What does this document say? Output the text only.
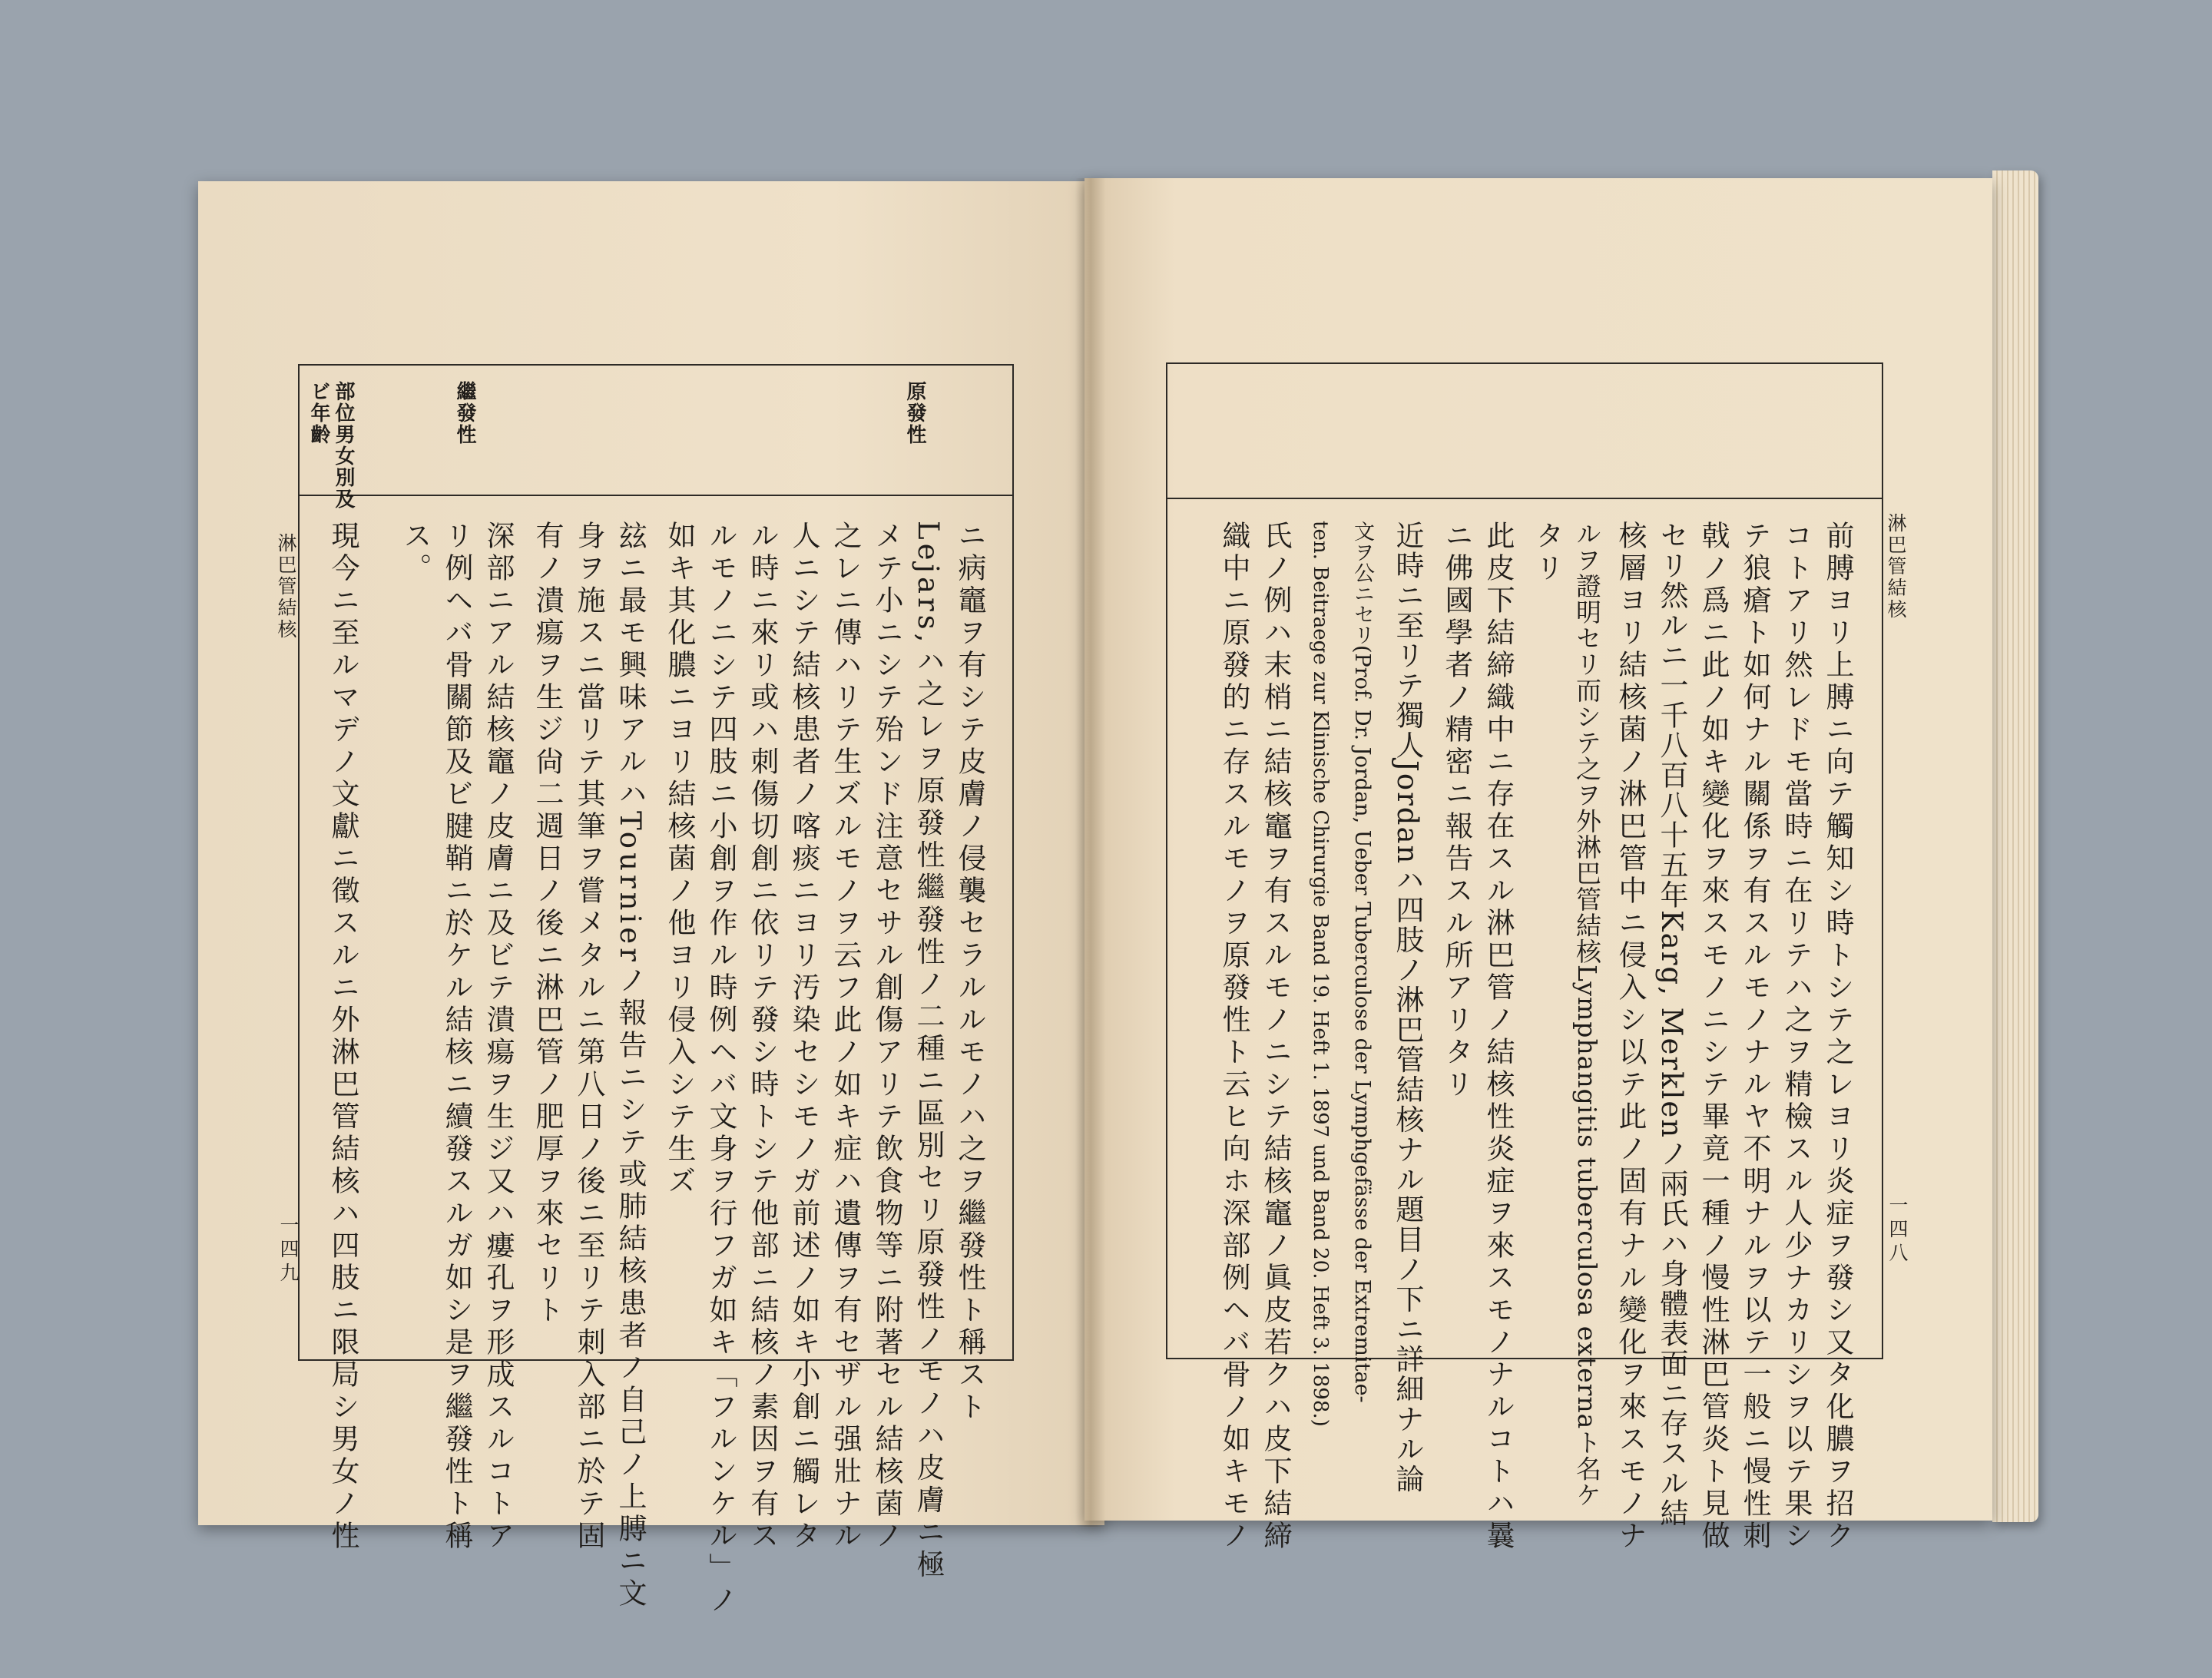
淋巴管結核
一四九
原發性
繼發性
部位男女別及
ビ年齡
ニ病竈ヲ有シテ皮膚ノ侵襲セラルルモノハ之ヲ繼發性ト稱スト
Lejars,ハ之レヲ原發性繼發性ノ二種ニ區別セリ原發性ノモノハ皮膚ニ極
メテ小ニシテ殆ンド注意セサル創傷アリテ飲食物等ニ附著セル結核菌ノ
之レニ傳ハリテ生ズルモノヲ云フ此ノ如キ症ハ遺傳ヲ有セザル强壯ナル
人ニシテ結核患者ノ喀痰ニヨリ汚染セシモノガ前述ノ如キ小創ニ觸レタ
ル時ニ來リ或ハ刺傷切創ニ依リテ發シ時トシテ他部ニ結核ノ素因ヲ有ス
ルモノニシテ四肢ニ小創ヲ作ル時例ヘバ文身ヲ行フガ如キ「フルンケル」ノ
如キ其化膿ニヨリ結核菌ノ他ヨリ侵入シテ生ズ
玆ニ最モ興味アルハTournierノ報告ニシテ或肺結核患者ノ自己ノ上膊ニ文
身ヲ施スニ當リテ其筆ヲ嘗メタルニ第八日ノ後ニ至リテ刺入部ニ於テ固
有ノ潰瘍ヲ生ジ尙二週日ノ後ニ淋巴管ノ肥厚ヲ來セリト
深部ニアル結核竈ノ皮膚ニ及ビテ潰瘍ヲ生ジ又ハ瘻孔ヲ形成スルコトア
リ例ヘバ骨關節及ビ腱鞘ニ於ケル結核ニ續發スルガ如シ是ヲ繼發性ト稱
ス。
現今ニ至ルマデノ文獻ニ徵スルニ外淋巴管結核ハ四肢ニ限局シ男女ノ性	淋巴管結核
一四八
前膊ヨリ上膊ニ向テ觸知シ時トシテ之レヨリ炎症ヲ發シ又タ化膿ヲ招ク
コトアリ然レドモ當時ニ在リテハ之ヲ精檢スル人少ナカリシヲ以テ果シ
テ狼瘡ト如何ナル關係ヲ有スルモノナルヤ不明ナルヲ以テ一般ニ慢性刺
戟ノ爲ニ此ノ如キ變化ヲ來スモノニシテ畢竟一種ノ慢性淋巴管炎ト見做
セリ然ルニ一千八百八十五年Karg, Merklenノ兩氏ハ身體表面ニ存スル結
核層ヨリ結核菌ノ淋巴管中ニ侵入シ以テ此ノ固有ナル變化ヲ來スモノナ
ルヲ證明セリ而シテ之ヲ外淋巴管結核Lymphangitis tuberculosa externaト名ケ
タリ
此皮下結締織中ニ存在スル淋巴管ノ結核性炎症ヲ來スモノナルコトハ曩
ニ佛國學者ノ精密ニ報告スル所アリタリ
近時ニ至リテ獨人Jordanハ四肢ノ淋巴管結核ナル題目ノ下ニ詳細ナル論
文ヲ公ニセリ(Prof. Dr. Jordan, Ueber Tuberculose der Lymphgefässe der Extremitae-
ten. Beitraege zur Klinische Chirurgie Band 19. Heft 1. 1897 und Band 20. Heft 3. 1898.)
氏ノ例ハ末梢ニ結核竈ヲ有スルモノニシテ結核竈ノ眞皮若クハ皮下結締
織中ニ原發的ニ存スルモノヲ原發性ト云ヒ向ホ深部例ヘバ骨ノ如キモノ
